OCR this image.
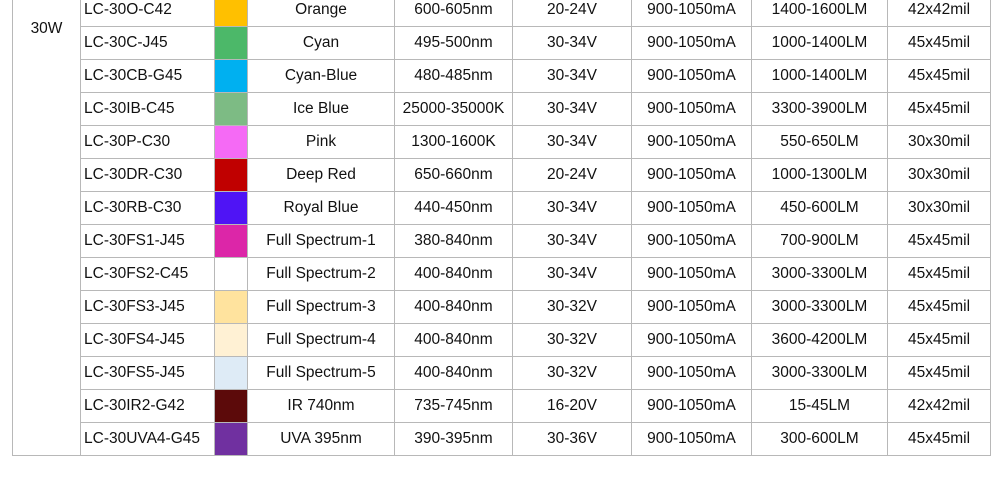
30W	LC-30O-C42		Orange	600-605nm	20-24V	900-1050mA	1400-1600LM	42x42mil
	LC-30C-J45		Cyan	495-500nm	30-34V	900-1050mA	1000-1400LM	45x45mil
	LC-30CB-G45		Cyan-Blue	480-485nm	30-34V	900-1050mA	1000-1400LM	45x45mil
	LC-30IB-C45		Ice Blue	25000-35000K	30-34V	900-1050mA	3300-3900LM	45x45mil
	LC-30P-C30		Pink	1300-1600K	30-34V	900-1050mA	550-650LM	30x30mil
	LC-30DR-C30		Deep Red	650-660nm	20-24V	900-1050mA	1000-1300LM	30x30mil
	LC-30RB-C30		Royal Blue	440-450nm	30-34V	900-1050mA	450-600LM	30x30mil
	LC-30FS1-J45		Full Spectrum-1	380-840nm	30-34V	900-1050mA	700-900LM	45x45mil
	LC-30FS2-C45		Full Spectrum-2	400-840nm	30-34V	900-1050mA	3000-3300LM	45x45mil
	LC-30FS3-J45		Full Spectrum-3	400-840nm	30-32V	900-1050mA	3000-3300LM	45x45mil
	LC-30FS4-J45		Full Spectrum-4	400-840nm	30-32V	900-1050mA	3600-4200LM	45x45mil
	LC-30FS5-J45		Full Spectrum-5	400-840nm	30-32V	900-1050mA	3000-3300LM	45x45mil
	LC-30IR2-G42		IR 740nm	735-745nm	16-20V	900-1050mA	15-45LM	42x42mil
	LC-30UVA4-G45		UVA 395nm	390-395nm	30-36V	900-1050mA	300-600LM	45x45mil
